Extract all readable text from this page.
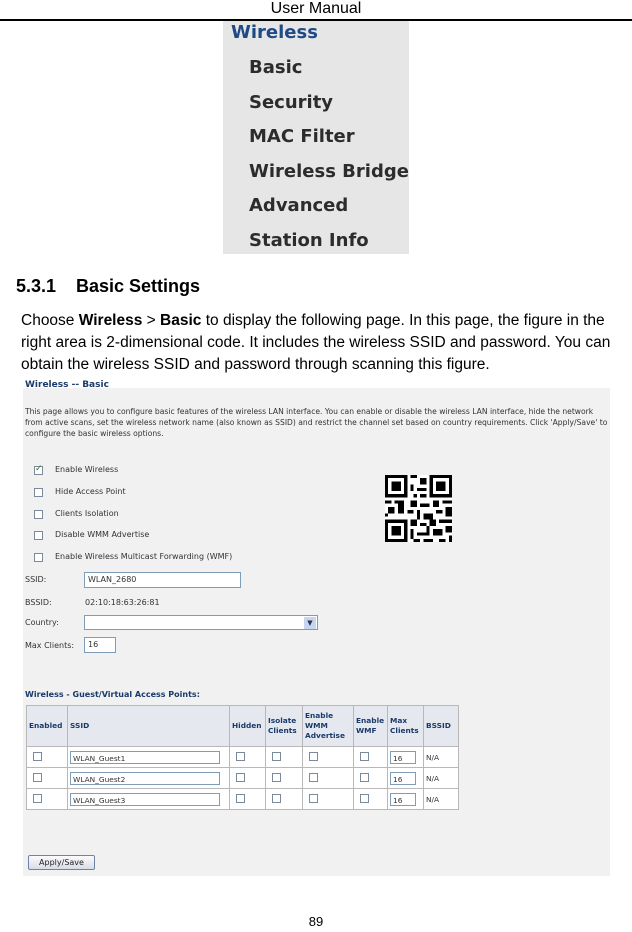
User Manual
Wireless
Basic
Security
MAC Filter
Wireless Bridge
Advanced
Station Info
5.3.1 Basic Settings
Choose Wireless > Basic to display the following page. In this page, the figure in the right area is 2-dimensional code. It includes the wireless SSID and password. You can obtain the wireless SSID and password through scanning this figure.
Wireless -- Basic
This page allows you to configure basic features of the wireless LAN interface. You can enable or disable the wireless LAN interface, hide the network from active scans, set the wireless network name (also known as SSID) and restrict the channel set based on country requirements. Click 'Apply/Save' to configure the basic wireless options.
✓
Enable Wireless
Hide Access Point
Clients Isolation
Disable WMM Advertise
Enable Wireless Multicast Forwarding (WMF)
SSID:	WLAN_2680
BSSID:	02:10:18:63:26:81
Country:	▼
Max Clients:	16
Wireless - Guest/Virtual Access Points:
Enabled	SSID	Hidden	Isolate Clients	Enable WMM Advertise	Enable WMF	Max Clients	BSSID
	WLAN_Guest1					16	N/A
	WLAN_Guest2					16	N/A
	WLAN_Guest3					16	N/A
Apply/Save
89
